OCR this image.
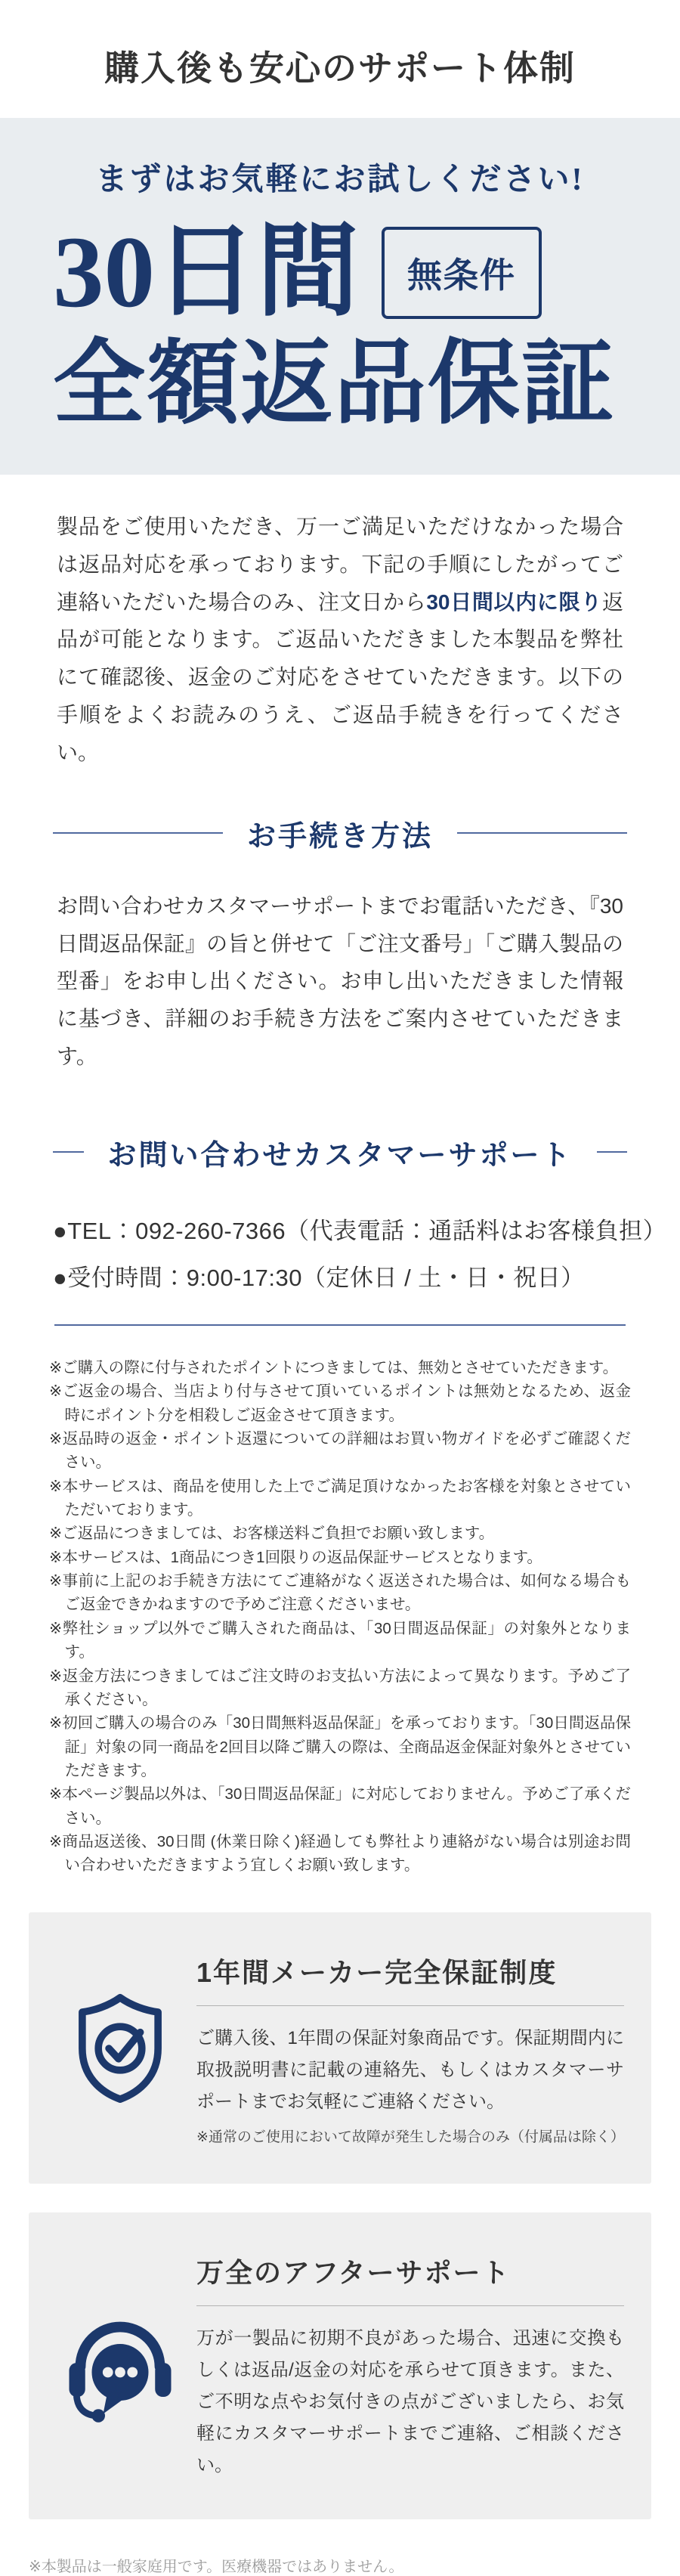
購入後も安心のサポート体制
まずはお気軽にお試しください!
30日間	無条件
全額返品保証

製品をご使用いただき、万一ご満足いただけなかった場合は返品対応を承っております。下記の手順にしたがってご連絡いただいた場合のみ、注文日から30日間以内に限り返品が可能となります。ご返品いただきました本製品を弊社にて確認後、返金のご対応をさせていただきます。以下の手順をよくお読みのうえ、ご返品手続きを行ってください。

お手続き方法

お問い合わせカスタマーサポートまでお電話いただき、『30日間返品保証』の旨と併せて「ご注文番号」「ご購入製品の型番」をお申し出ください。お申し出いただきました情報に基づき、詳細のお手続き方法をご案内させていただきます。

お問い合わせカスタマーサポート
●TEL：092-260-7366（代表電話：通話料はお客様負担）
●受付時間：9:00-17:30（定休日 / 土・日・祝日）
※ご購入の際に付与されたポイントにつきましては、無効とさせていただきます。
※ご返金の場合、当店より付与させて頂いているポイントは無効となるため、返金時にポイント分を相殺しご返金させて頂きます。
※返品時の返金・ポイント返還についての詳細はお買い物ガイドを必ずご確認ください。
※本サービスは、商品を使用した上でご満足頂けなかったお客様を対象とさせていただいております。
※ご返品につきましては、お客様送料ご負担でお願い致します。
※本サービスは、1商品につき1回限りの返品保証サービスとなります。
※事前に上記のお手続き方法にてご連絡がなく返送された場合は、如何なる場合もご返金できかねますので予めご注意くださいませ。
※弊社ショップ以外でご購入された商品は、「30日間返品保証」の対象外となります。
※返金方法につきましてはご注文時のお支払い方法によって異なります。予めご了承ください。
※初回ご購入の場合のみ「30日間無料返品保証」を承っております。「30日間返品保証」対象の同一商品を2回目以降ご購入の際は、全商品返金保証対象外とさせていただきます。
※本ページ製品以外は、「30日間返品保証」に対応しておりません。予めご了承ください。
※商品返送後、30日間 (休業日除く)経過しても弊社より連絡がない場合は別途お問い合わせいただきますよう宜しくお願い致します。
1年間メーカー完全保証制度
ご購入後、1年間の保証対象商品です。保証期間内に取扱説明書に記載の連絡先、もしくはカスタマーサポートまでお気軽にご連絡ください。
※通常のご使用において故障が発生した場合のみ（付属品は除く）
万全のアフターサポート
万が一製品に初期不良があった場合、迅速に交換もしくは返品/返金の対応を承らせて頂きます。また、ご不明な点やお気付きの点がございましたら、お気軽にカスタマーサポートまでご連絡、ご相談ください。
※本製品は一般家庭用です。医療機器ではありません。
